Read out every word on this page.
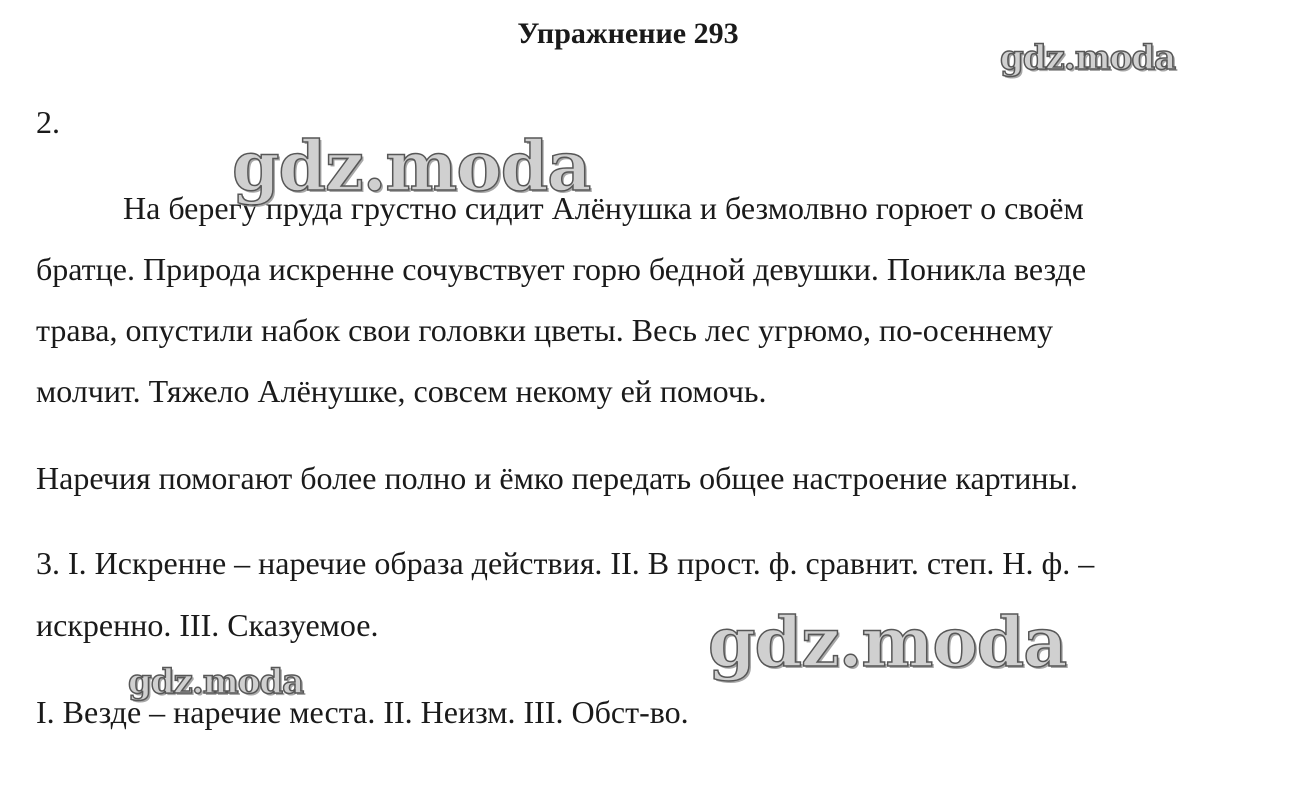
Упражнение 293
2.
На берегу пруда грустно сидит Алёнушка и безмолвно горюет о своём
братце. Природа искренне сочувствует горю бедной девушки. Поникла везде
трава, опустили набок свои головки цветы. Весь лес угрюмо, по-осеннему
молчит. Тяжело Алёнушке, совсем некому ей помочь.
Наречия помогают более полно и ёмко передать общее настроение картины.
3. I. Искренне – наречие образа действия. II. В прост. ф. сравнит. степ. Н. ф. –
искренно. III. Сказуемое.
I. Везде – наречие места. II. Неизм. III. Обст-во.
gdz.moda
gdz.moda
gdz.moda
gdz.moda
